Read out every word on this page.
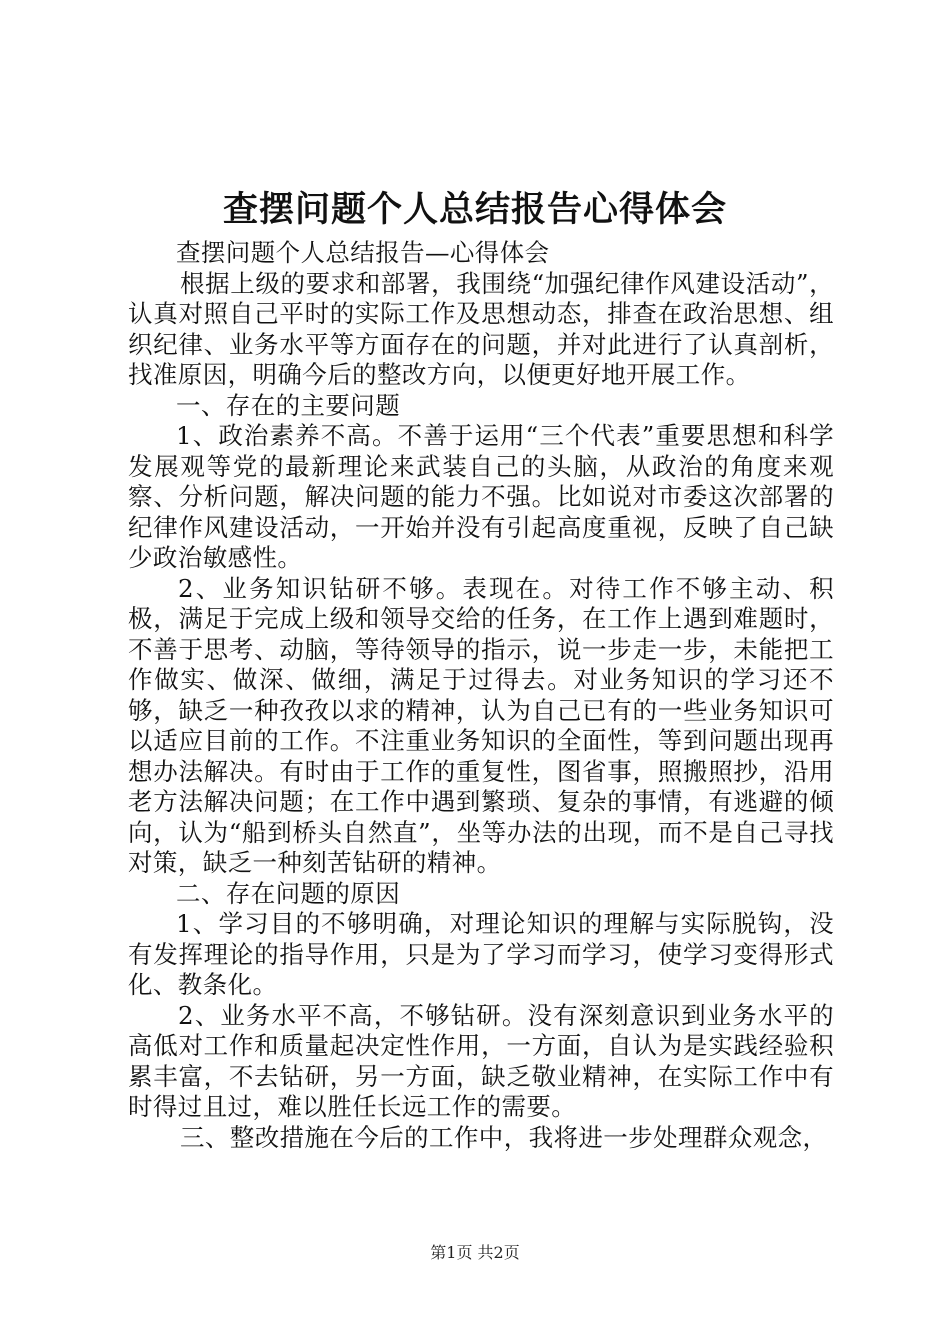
查摆问题个人总结报告心得体会

查摆问题个人总结报告—心得体会

根据上级的要求和部署，我围绕“加强纪律作风建设活动”，认真对照自己平时的实际工作及思想动态，排查在政治思想、组织纪律、业务水平等方面存在的问题，并对此进行了认真剖析，找准原因，明确今后的整改方向，以便更好地开展工作。

一、存在的主要问题

1、政治素养不高。不善于运用“三个代表”重要思想和科学发展观等党的最新理论来武装自己的头脑，从政治的角度来观察、分析问题，解决问题的能力不强。比如说对市委这次部署的纪律作风建设活动，一开始并没有引起高度重视，反映了自己缺少政治敏感性。

2、业务知识钻研不够。表现在。对待工作不够主动、积极，满足于完成上级和领导交给的任务，在工作上遇到难题时，不善于思考、动脑，等待领导的指示，说一步走一步，未能把工作做实、做深、做细，满足于过得去。对业务知识的学习还不够，缺乏一种孜孜以求的精神，认为自己已有的一些业务知识可以适应目前的工作。不注重业务知识的全面性，等到问题出现再想办法解决。有时由于工作的重复性，图省事，照搬照抄，沿用老方法解决问题；在工作中遇到繁琐、复杂的事情，有逃避的倾向，认为“船到桥头自然直”，坐等办法的出现，而不是自己寻找对策，缺乏一种刻苦钻研的精神。

二、存在问题的原因

1、学习目的不够明确，对理论知识的理解与实际脱钩，没有发挥理论的指导作用，只是为了学习而学习，使学习变得形式化、教条化。

2、业务水平不高，不够钻研。没有深刻意识到业务水平的高低对工作和质量起决定性作用，一方面，自认为是实践经验积累丰富，不去钻研，另一方面，缺乏敬业精神，在实际工作中有时得过且过，难以胜任长远工作的需要。

三、整改措施在今后的工作中，我将进一步处理群众观念，

第1页 共2页
